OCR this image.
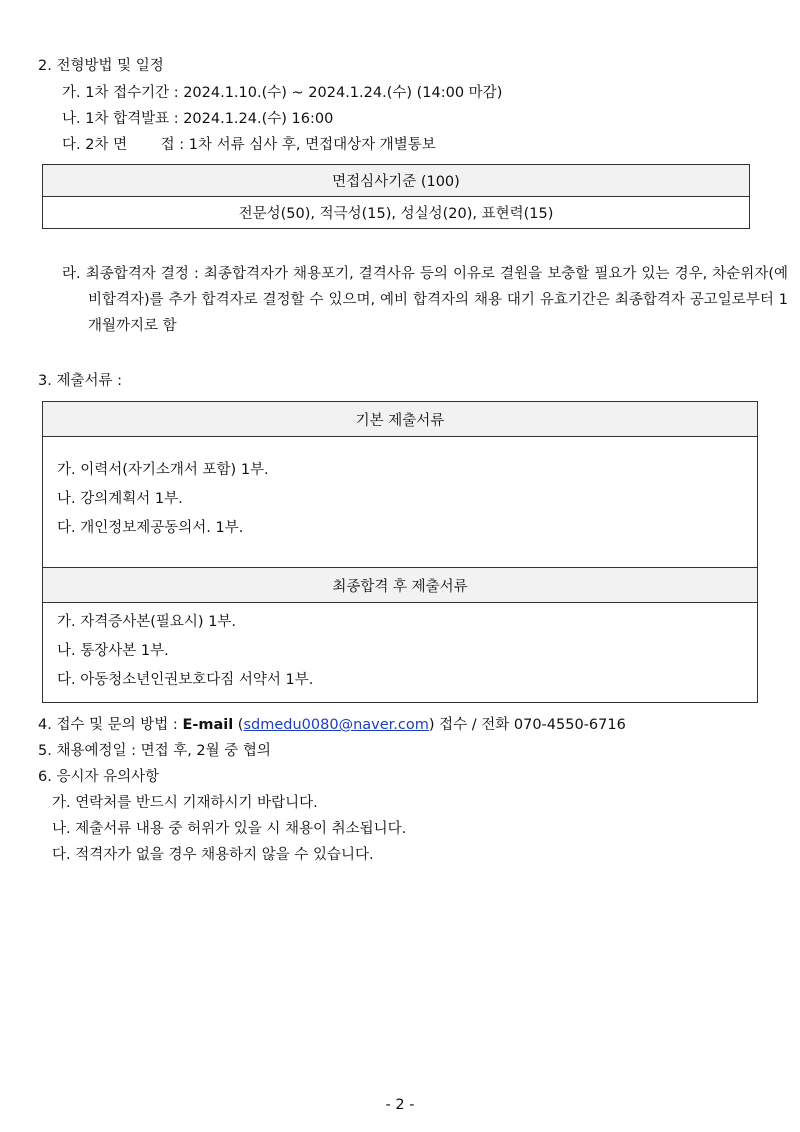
2. 전형방법 및 일정
가. 1차 접수기간 : 2024.1.10.(수) ~ 2024.1.24.(수) (14:00 마감)
나. 1차 합격발표 : 2024.1.24.(수) 16:00
다. 2차 면 　　접 : 1차 서류 심사 후, 면접대상자 개별통보
면접심사기준 (100)
전문성(50), 적극성(15), 성실성(20), 표현력(15)
라. 최종합격자 결정 : 최종합격자가 채용포기, 결격사유 등의 이유로 결원을 보충할 필요가 있는 경우, 차순위자(예비합격자)를 추가 합격자로 결정할 수 있으며, 예비 합격자의 채용 대기 유효기간은 최종합격자 공고일로부터 1개월까지로 함
3. 제출서류 :
기본 제출서류

가. 이력서(자기소개서 포함) 1부.
나. 강의계획서 1부.
다. 개인정보제공동의서. 1부.

최종합격 후 제출서류

가. 자격증사본(필요시) 1부.
나. 통장사본 1부.
다. 아동청소년인권보호다짐 서약서 1부.
4. 접수 및 문의 방법 : E-mail (sdmedu0080@naver.com) 접수 / 전화 070-4550-6716
5. 채용예정일 : 면접 후, 2월 중 협의
6. 응시자 유의사항
가. 연락처를 반드시 기재하시기 바랍니다.
나. 제출서류 내용 중 허위가 있을 시 채용이 취소됩니다.
다. 적격자가 없을 경우 채용하지 않을 수 있습니다.
- 2 -
